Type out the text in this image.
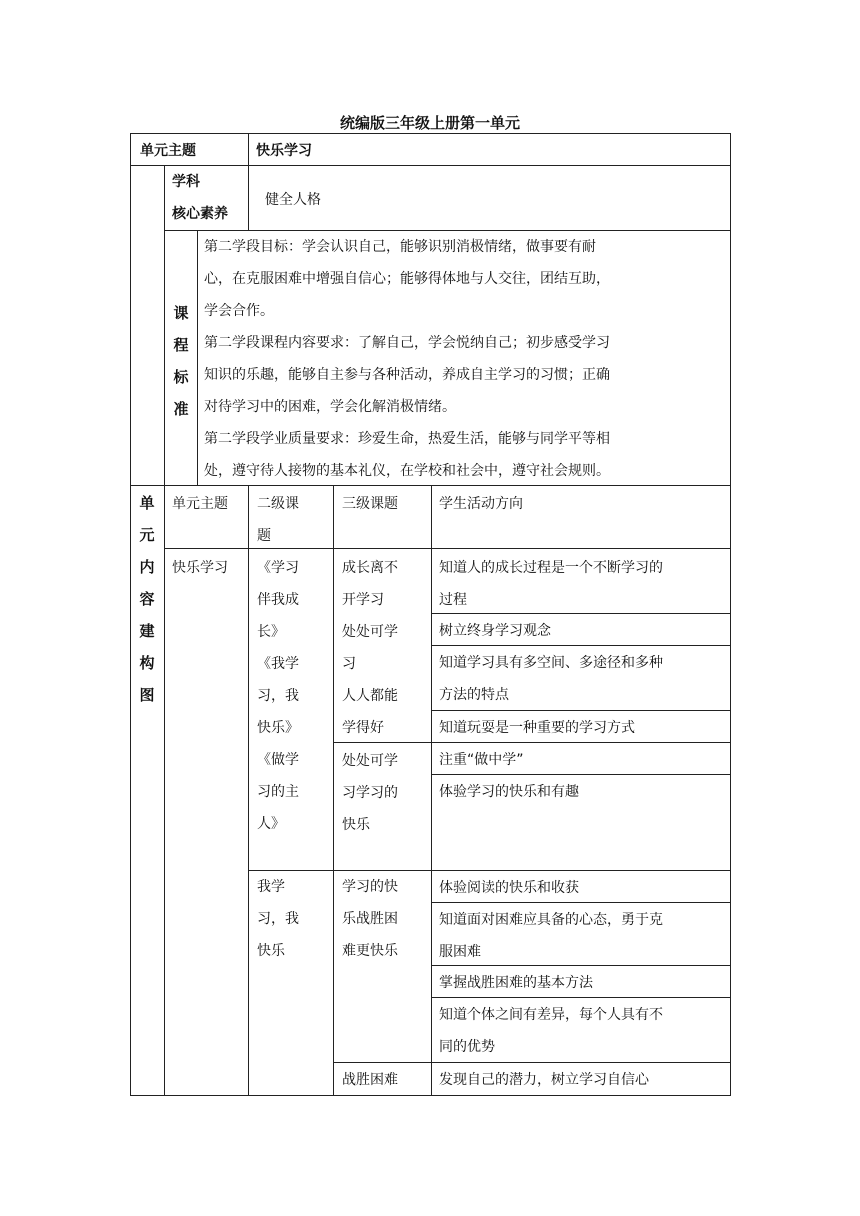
统编版三年级上册第一单元
单元主题	快乐学习
学科
核心素养
健全人格
课
程
标
准
第二学段目标：学会认识自己，能够识别消极情绪，做事要有耐
心，在克服困难中增强自信心；能够得体地与人交往，团结互助，
学会合作。
第二学段课程内容要求：了解自己，学会悦纳自己；初步感受学习
知识的乐趣，能够自主参与各种活动，养成自主学习的习惯；正确
对待学习中的困难，学会化解消极情绪。
第二学段学业质量要求：珍爱生命，热爱生活，能够与同学平等相
处，遵守待人接物的基本礼仪，在学校和社会中，遵守社会规则。
单
元
内
容
建
构
图
单元主题 二级课
题
三级课题	学生活动方向
快乐学习 《学习
伴我成
长》
《我学
习，我
快乐》
《做学
习的主
人》
成长离不
开学习
处处可学
习
人人都能
学得好
处处可学
习学习的
快乐
我学
习，我
快乐
学习的快
乐战胜困
难更快乐
战胜困难
知道人的成长过程是一个不断学习的
过程
树立终身学习观念
知道学习具有多空间、多途径和多种
方法的特点
知道玩耍是一种重要的学习方式
注重“做中学”
体验学习的快乐和有趣
体验阅读的快乐和收获
知道面对困难应具备的心态，勇于克
服困难
掌握战胜困难的基本方法
知道个体之间有差异，每个人具有不
同的优势
发现自己的潜力，树立学习自信心
